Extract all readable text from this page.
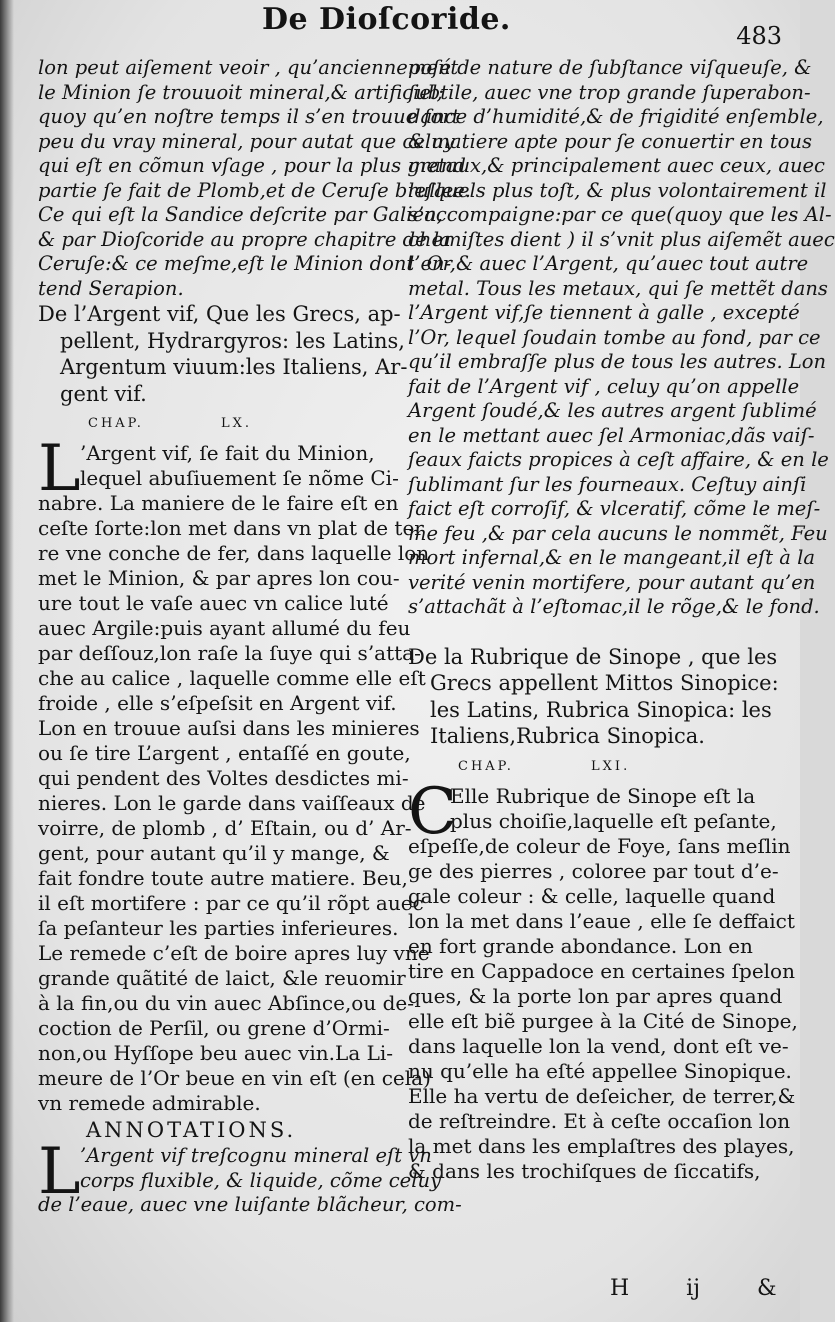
De Dioſcoride.	483
lon peut aiſement veoir , qu’anciennement
le Minion ſe trouuoit mineral,& artificiel;
quoy qu’en noſtre temps il s’en trouue fort
peu du vray mineral, pour autat que celuy
qui eſt en cõmun vſage , pour la plus grand
partie ſe fait de Plomb,et de Ceruſe brullee.
Ce qui eſt la Sandice deſcrite par Galien,
& par Dioſcoride au propre chapitre de la
Ceruſe:& ce meſme,eſt le Minion dont en-
tend Serapion.
De l’Argent vif, Que les Grecs, ap-
pellent, Hydrargyros: les Latins,
Argentum viuum:les Italiens, Ar-
gent vif.
CHAP. LX.
L ’Argent vif, ſe fait du Minion,
lequel abuſiuement ſe nõme Ci-
nabre. La maniere de le faire eſt en
ceſte ſorte:lon met dans vn plat de ter
re vne conche de fer, dans laquelle lon
met le Minion, & par apres lon cou-
ure tout le vaſe auec vn calice luté
auec Argile:puis ayant allumé du feu
par deſſouz,lon raſe la ſuye qui s’atta-
che au calice , laquelle comme elle eſt
froide , elle s’eſpeſsit en Argent vif.
Lon en trouue auſsi dans les minieres
ou ſe tire L’argent , entaſſé en goute,
qui pendent des Voltes desdictes mi-
nieres. Lon le garde dans vaiſſeaux de
voirre, de plomb , d’ Eſtain, ou d’ Ar-
gent, pour autant qu’il y mange, &
fait fondre toute autre matiere. Beu,
il eſt mortifere : par ce qu’il rõpt auec
ſa peſanteur les parties inferieures.
Le remede c’eſt de boire apres luy vne
grande quãtité de laict, &le reuomir
à la fin,ou du vin auec Abſince,ou de-
coction de Perſil, ou grene d’Ormi-
non,ou Hyſſope beu auec vin.La Li-
meure de l’Or beue en vin eſt (en cela)
vn remede admirable.
ANNOTATIONS.
L ’Argent vif treſcognu mineral eſt vn
corps fluxible, & liquide, cõme celuy
de l’eaue, auec vne luiſante blãcheur, com-
poſé de nature de ſubſtance viſqueuſe, &
ſubtile, auec vne trop grande ſuperabon-
dance d’humidité,& de frigidité enſemble,
& matiere apte pour ſe conuertir en tous
metaux,& principalement auec ceux, auec
leſquels plus toſt, & plus volontairement il
s’accompaigne:par ce que(quoy que les Al-
chemiſtes dient ) il s’vnit plus aiſemẽt auec
l’ Or,& auec l’Argent, qu’auec tout autre
metal. Tous les metaux, qui ſe mettẽt dans
l’Argent vif,ſe tiennent à galle , excepté
l’Or, lequel ſoudain tombe au fond, par ce
qu’il embraſſe plus de tous les autres. Lon
fait de l’Argent vif , celuy qu’on appelle
Argent ſoudé,& les autres argent ſublimé
en le mettant auec ſel Armoniac,dãs vaiſ-
ſeaux faicts propices à ceſt affaire, & en le
ſublimant ſur les fourneaux. Ceſtuy ainſi
faict eſt corroſif, & vlceratif, cõme le meſ-
me feu ,& par cela aucuns le nommẽt, Feu
mort infernal,& en le mangeant,il eſt à la
verité venin mortifere, pour autant qu’en
s’attachãt à l’eſtomac,il le rõge,& le fond.
De la Rubrique de Sinope , que les
Grecs appellent Mittos Sinopice:
les Latins, Rubrica Sinopica: les
Italiens,Rubrica Sinopica.
CHAP. LXI.
C
Elle Rubrique de Sinope eſt la
plus choiſie,laquelle eſt peſante,
eſpeſſe,de coleur de Foye, ſans meſlin
ge des pierres , coloree par tout d’e-
gale coleur : & celle, laquelle quand
lon la met dans l’eaue , elle ſe deffaict
en fort grande abondance. Lon en
tire en Cappadoce en certaines ſpelon
ques, & la porte lon par apres quand
elle eſt biẽ purgee à la Cité de Sinope,
dans laquelle lon la vend, dont eſt ve-
nu qu’elle ha eſté appellee Sinopique.
Elle ha vertu de deſeicher, de terrer,&
de reſtreindre. Et à ceſte occaſion lon
la met dans les emplaſtres des playes,
& dans les trochiſques de ſiccatifs,
H ij	&
